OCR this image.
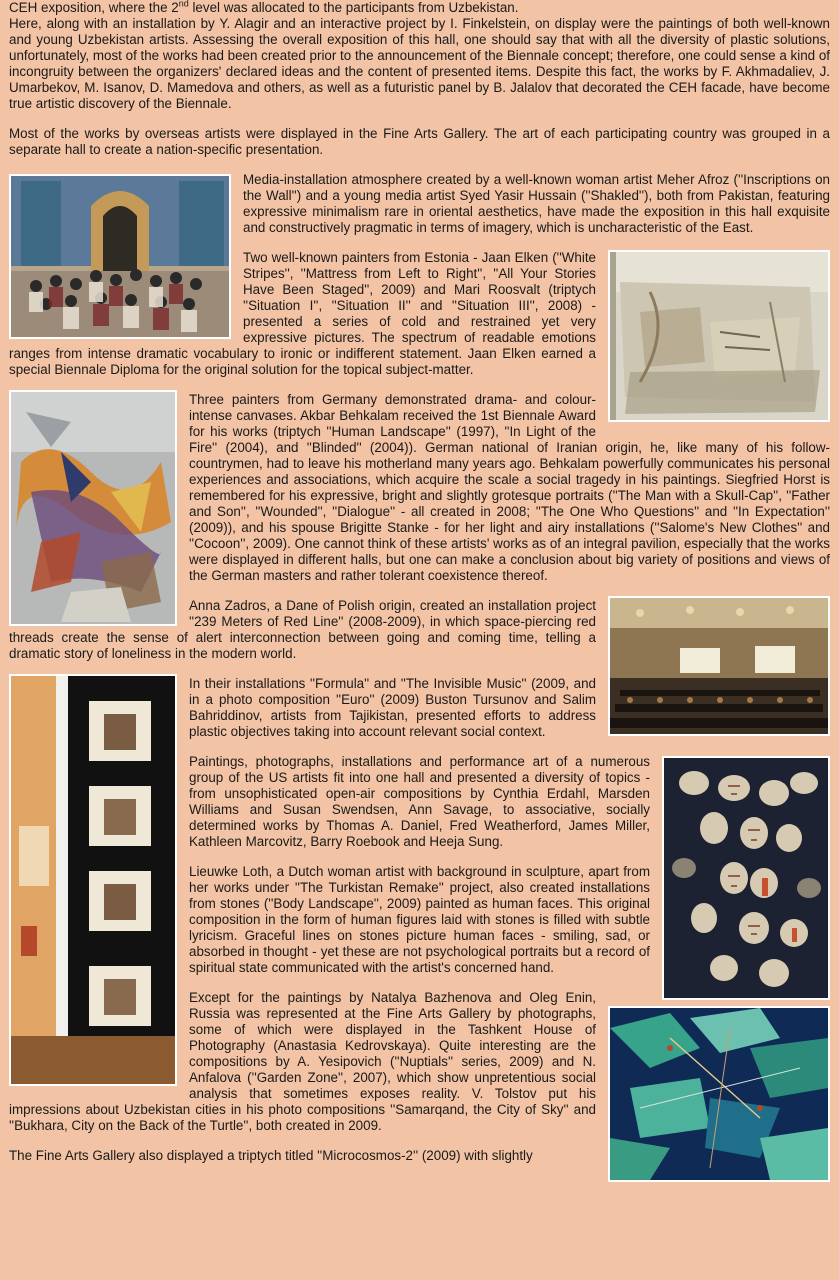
CEH exposition, where the 2nd level was allocated to the participants from Uzbekistan.

Here, along with an installation by Y. Alagir and an interactive project by I. Finkelstein, on display were the paintings of both well-known and young Uzbekistan artists. Assessing the overall exposition of this hall, one should say that with all the diversity of plastic solutions, unfortunately, most of the works had been created prior to the announcement of the Biennale concept; therefore, one could sense a kind of incongruity between the organizers' declared ideas and the content of presented items. Despite this fact, the works by F. Akhmadaliev, J. Umarbekov, M. Isanov, D. Mamedova and others, as well as a futuristic panel by B. Jalalov that decorated the CEH facade, have become true artistic discovery of the Biennale.

Most of the works by overseas artists were displayed in the Fine Arts Gallery. The art of each participating country was grouped in a separate hall to create a nation-specific presentation.

Media-installation atmosphere created by a well-known woman artist Meher Afroz (''Inscriptions on the Wall'') and a young media artist Syed Yasir Hussain (''Shakled''), both from Pakistan, featuring expressive minimalism rare in oriental aesthetics, have made the exposition in this hall exquisite and constructively pragmatic in terms of imagery, which is uncharacteristic of the East.

Two well-known painters from Estonia - Jaan Elken (''White Stripes'', ''Mattress from Left to Right'', ''All Your Stories Have Been Staged'', 2009) and Mari Roosvalt (triptych ''Situation I'', ''Situation II'' and ''Situation III'', 2008) - presented a series of cold and restrained yet very expressive pictures. The spectrum of readable emotions ranges from intense dramatic vocabulary to ironic or indifferent statement. Jaan Elken earned a special Biennale Diploma for the original solution for the topical subject-matter.

Three painters from Germany demonstrated drama- and colour-intense canvases. Akbar Behkalam received the 1st Biennale Award for his works (triptych ''Human Landscape'' (1997), ''In Light of the Fire'' (2004), and ''Blinded'' (2004)). German national of Iranian origin, he, like many of his follow-countrymen, had to leave his motherland many years ago. Behkalam powerfully communicates his personal experiences and associations, which acquire the scale a social tragedy in his paintings. Siegfried Horst is remembered for his expressive, bright and slightly grotesque portraits (''The Man with a Skull-Cap'', ''Father and Son'', ''Wounded'', ''Dialogue'' - all created in 2008; ''The One Who Questions'' and ''In Expectation'' (2009)), and his spouse Brigitte Stanke - for her light and airy installations (''Salome's New Clothes'' and ''Cocoon'', 2009). One cannot think of these artists' works as of an integral pavilion, especially that the works were displayed in different halls, but one can make a conclusion about big variety of positions and views of the German masters and rather tolerant coexistence thereof.

Anna Zadros, a Dane of Polish origin, created an installation project ''239 Meters of Red Line'' (2008-2009), in which space-piercing red threads create the sense of alert interconnection between going and coming time, telling a dramatic story of loneliness in the modern world.

In their installations ''Formula'' and ''The Invisible Music'' (2009, and in a photo composition ''Euro'' (2009) Buston Tursunov and Salim Bahriddinov, artists from Tajikistan, presented efforts to address plastic objectives taking into account relevant social context.

Paintings, photographs, installations and performance art of a numerous group of the US artists fit into one hall and presented a diversity of topics - from unsophisticated open-air compositions by Cynthia Erdahl, Marsden Williams and Susan Swendsen, Ann Savage, to associative, socially determined works by Thomas A. Daniel, Fred Weatherford, James Miller, Kathleen Marcovitz, Barry Roebook and Heeja Sung.

Lieuwke Loth, a Dutch woman artist with background in sculpture, apart from her works under ''The Turkistan Remake'' project, also created installations from stones (''Body Landscape'', 2009) painted as human faces. This original composition in the form of human figures laid with stones is filled with subtle lyricism. Graceful lines on stones picture human faces - smiling, sad, or absorbed in thought - yet these are not psychological portraits but a record of spiritual state communicated with the artist's concerned hand.

Except for the paintings by Natalya Bazhenova and Oleg Enin, Russia was represented at the Fine Arts Gallery by photographs, some of which were displayed in the Tashkent House of Photography (Anastasia Kedrovskaya). Quite interesting are the compositions by A. Yesipovich (''Nuptials'' series, 2009) and N. Anfalova (''Garden Zone'', 2007), which show unpretentious social analysis that sometimes exposes reality. V. Tolstov put his impressions about Uzbekistan cities in his photo compositions ''Samarqand, the City of Sky'' and ''Bukhara, City on the Back of the Turtle'', both created in 2009.

The Fine Arts Gallery also displayed a triptych titled ''Microcosmos-2'' (2009) with slightly
